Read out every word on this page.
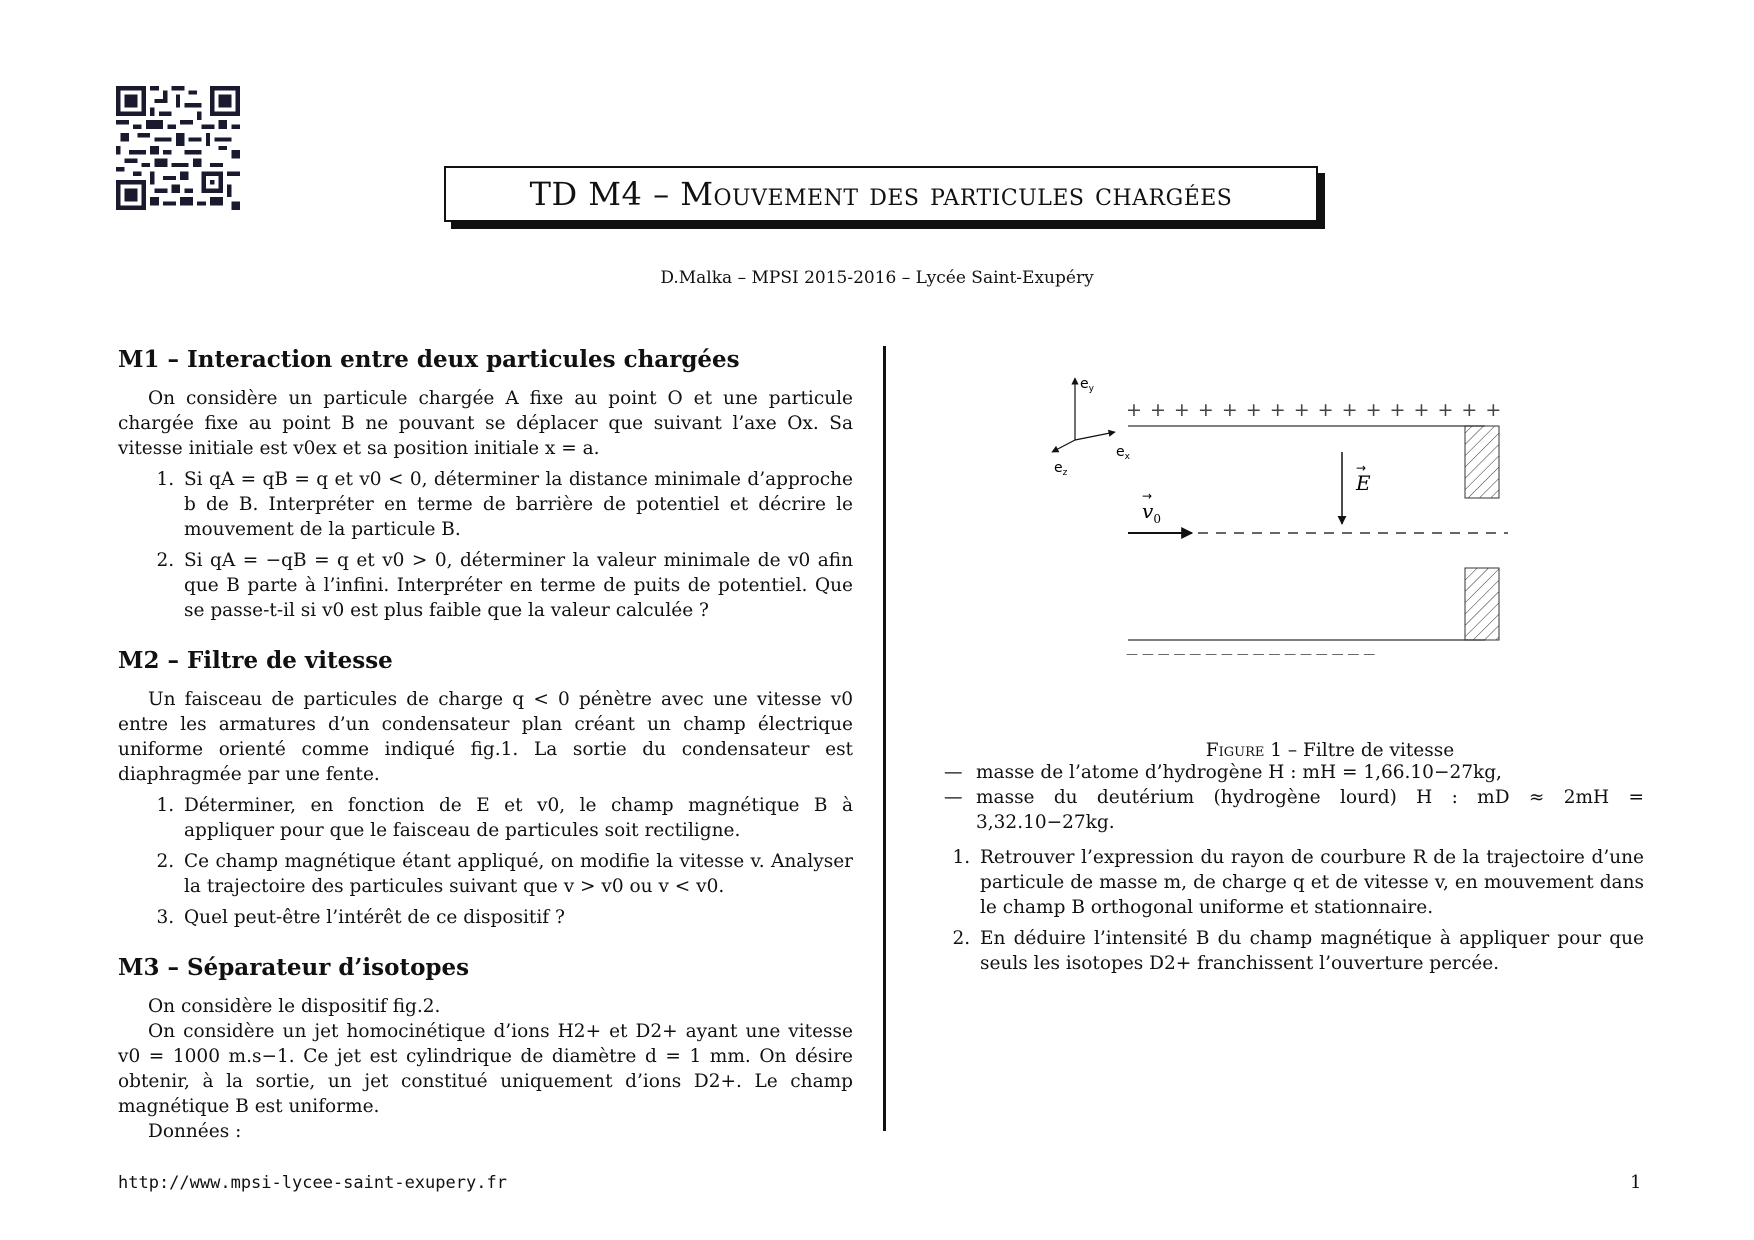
TD M4 –
Mouvement des particules chargées
D.Malka – MPSI 2015-2016 – Lycée Saint-Exupéry
M1 – Interaction entre deux particules chargées

On considère un particule chargée A fixe au point O et une particule chargée fixe au point B ne pouvant se déplacer que suivant l’axe Ox. Sa vitesse initiale est v0ex et sa position initiale x = a.

1. Si qA = qB = q et v0 < 0, déterminer la distance minimale d’approche b de B. Interpréter en terme de barrière de potentiel et décrire le mouvement de la particule B.
2. Si qA = −qB = q et v0 > 0, déterminer la valeur minimale de v0 afin que B parte à l’infini. Interpréter en terme de puits de potentiel. Que se passe-t-il si v0 est plus faible que la valeur calculée ?
M2 – Filtre de vitesse

Un faisceau de particules de charge q < 0 pénètre avec une vitesse v0 entre les armatures d’un condensateur plan créant un champ électrique uniforme orienté comme indiqué fig.1. La sortie du condensateur est diaphragmée par une fente.

1. Déterminer, en fonction de E et v0, le champ magnétique B à appliquer pour que le faisceau de particules soit rectiligne.
2. Ce champ magnétique étant appliqué, on modifie la vitesse v. Analyser la trajectoire des particules suivant que v > v0 ou v < v0.
3. Quel peut-être l’intérêt de ce dispositif ?
M3 – Séparateur d’isotopes

On considère le dispositif fig.2.

On considère un jet homocinétique d’ions H2+ et D2+ ayant une vitesse v0 = 1000 m.s−1. Ce jet est cylindrique de diamètre d = 1 mm. On désire obtenir, à la sortie, un jet constitué uniquement d’ions D2+. Le champ magnétique B est uniforme.

Données :

$e_y$
$e_x$
$e_z$
+ + + + + + + + + + + + + + + +
— — — — — — — — — — — — — — — —
E
→
$v_0$
→
Figure 1 – Filtre de vitesse
— masse de l’atome d’hydrogène H : mH = 1,66.10−27kg,
— masse du deutérium (hydrogène lourd) H : mD ≈ 2mH = 3,32.10−27kg.
1. Retrouver l’expression du rayon de courbure R de la trajectoire d’une particule de masse m, de charge q et de vitesse v, en mouvement dans le champ B orthogonal uniforme et stationnaire.
2. En déduire l’intensité B du champ magnétique à appliquer pour que seuls les isotopes D2+ franchissent l’ouverture percée.
http://www.mpsi-lycee-saint-exupery.fr	1
